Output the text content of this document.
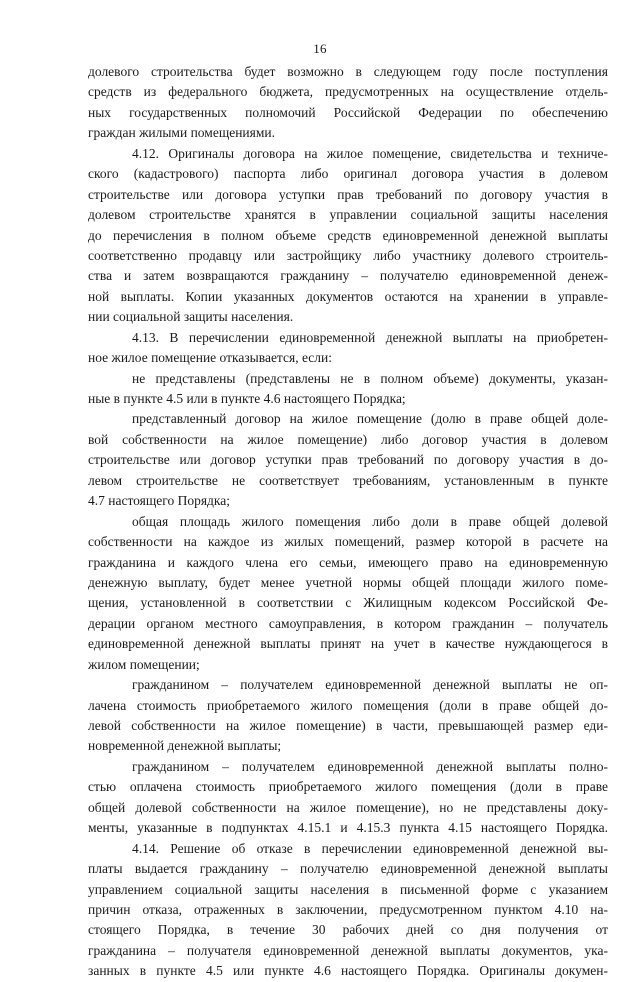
16
долевого строительства будет возможно в следующем году после поступления
средств из федерального бюджета, предусмотренных на осуществление отдель-
ных государственных полномочий Российской Федерации по обеспечению
граждан жилыми помещениями.
4.12. Оригиналы договора на жилое помещение, свидетельства и техниче-
ского (кадастрового) паспорта либо оригинал договора участия в долевом
строительстве или договора уступки прав требований по договору участия в
долевом строительстве хранятся в управлении социальной защиты населения
до перечисления в полном объеме средств единовременной денежной выплаты
соответственно продавцу или застройщику либо участнику долевого строитель-
ства и затем возвращаются гражданину – получателю единовременной денеж-
ной выплаты. Копии указанных документов остаются на хранении в управле-
нии социальной защиты населения.
4.13. В перечислении единовременной денежной выплаты на приобретен-
ное жилое помещение отказывается, если:
не представлены (представлены не в полном объеме) документы, указан-
ные в пункте 4.5 или в пункте 4.6 настоящего Порядка;
представленный договор на жилое помещение (долю в праве общей доле-
вой собственности на жилое помещение) либо договор участия в долевом
строительстве или договор уступки прав требований по договору участия в до-
левом строительстве не соответствует требованиям, установленным в пункте
4.7 настоящего Порядка;
общая площадь жилого помещения либо доли в праве общей долевой
собственности на каждое из жилых помещений, размер которой в расчете на
гражданина и каждого члена его семьи, имеющего право на единовременную
денежную выплату, будет менее учетной нормы общей площади жилого поме-
щения, установленной в соответствии с Жилищным кодексом Российской Фе-
дерации органом местного самоуправления, в котором гражданин – получатель
единовременной денежной выплаты принят на учет в качестве нуждающегося в
жилом помещении;
гражданином – получателем единовременной денежной выплаты не оп-
лачена стоимость приобретаемого жилого помещения (доли в праве общей до-
левой собственности на жилое помещение) в части, превышающей размер еди-
новременной денежной выплаты;
гражданином – получателем единовременной денежной выплаты полно-
стью оплачена стоимость приобретаемого жилого помещения (доли в праве
общей долевой собственности на жилое помещение), но не представлены доку-
менты, указанные в подпунктах 4.15.1 и 4.15.3 пункта 4.15 настоящего Порядка.
4.14. Решение об отказе в перечислении единовременной денежной вы-
платы выдается гражданину – получателю единовременной денежной выплаты
управлением социальной защиты населения в письменной форме с указанием
причин отказа, отраженных в заключении, предусмотренном пунктом 4.10 на-
стоящего Порядка, в течение 30 рабочих дней со дня получения от
гражданина – получателя единовременной денежной выплаты документов, ука-
занных в пункте 4.5 или пункте 4.6 настоящего Порядка. Оригиналы докумен-
